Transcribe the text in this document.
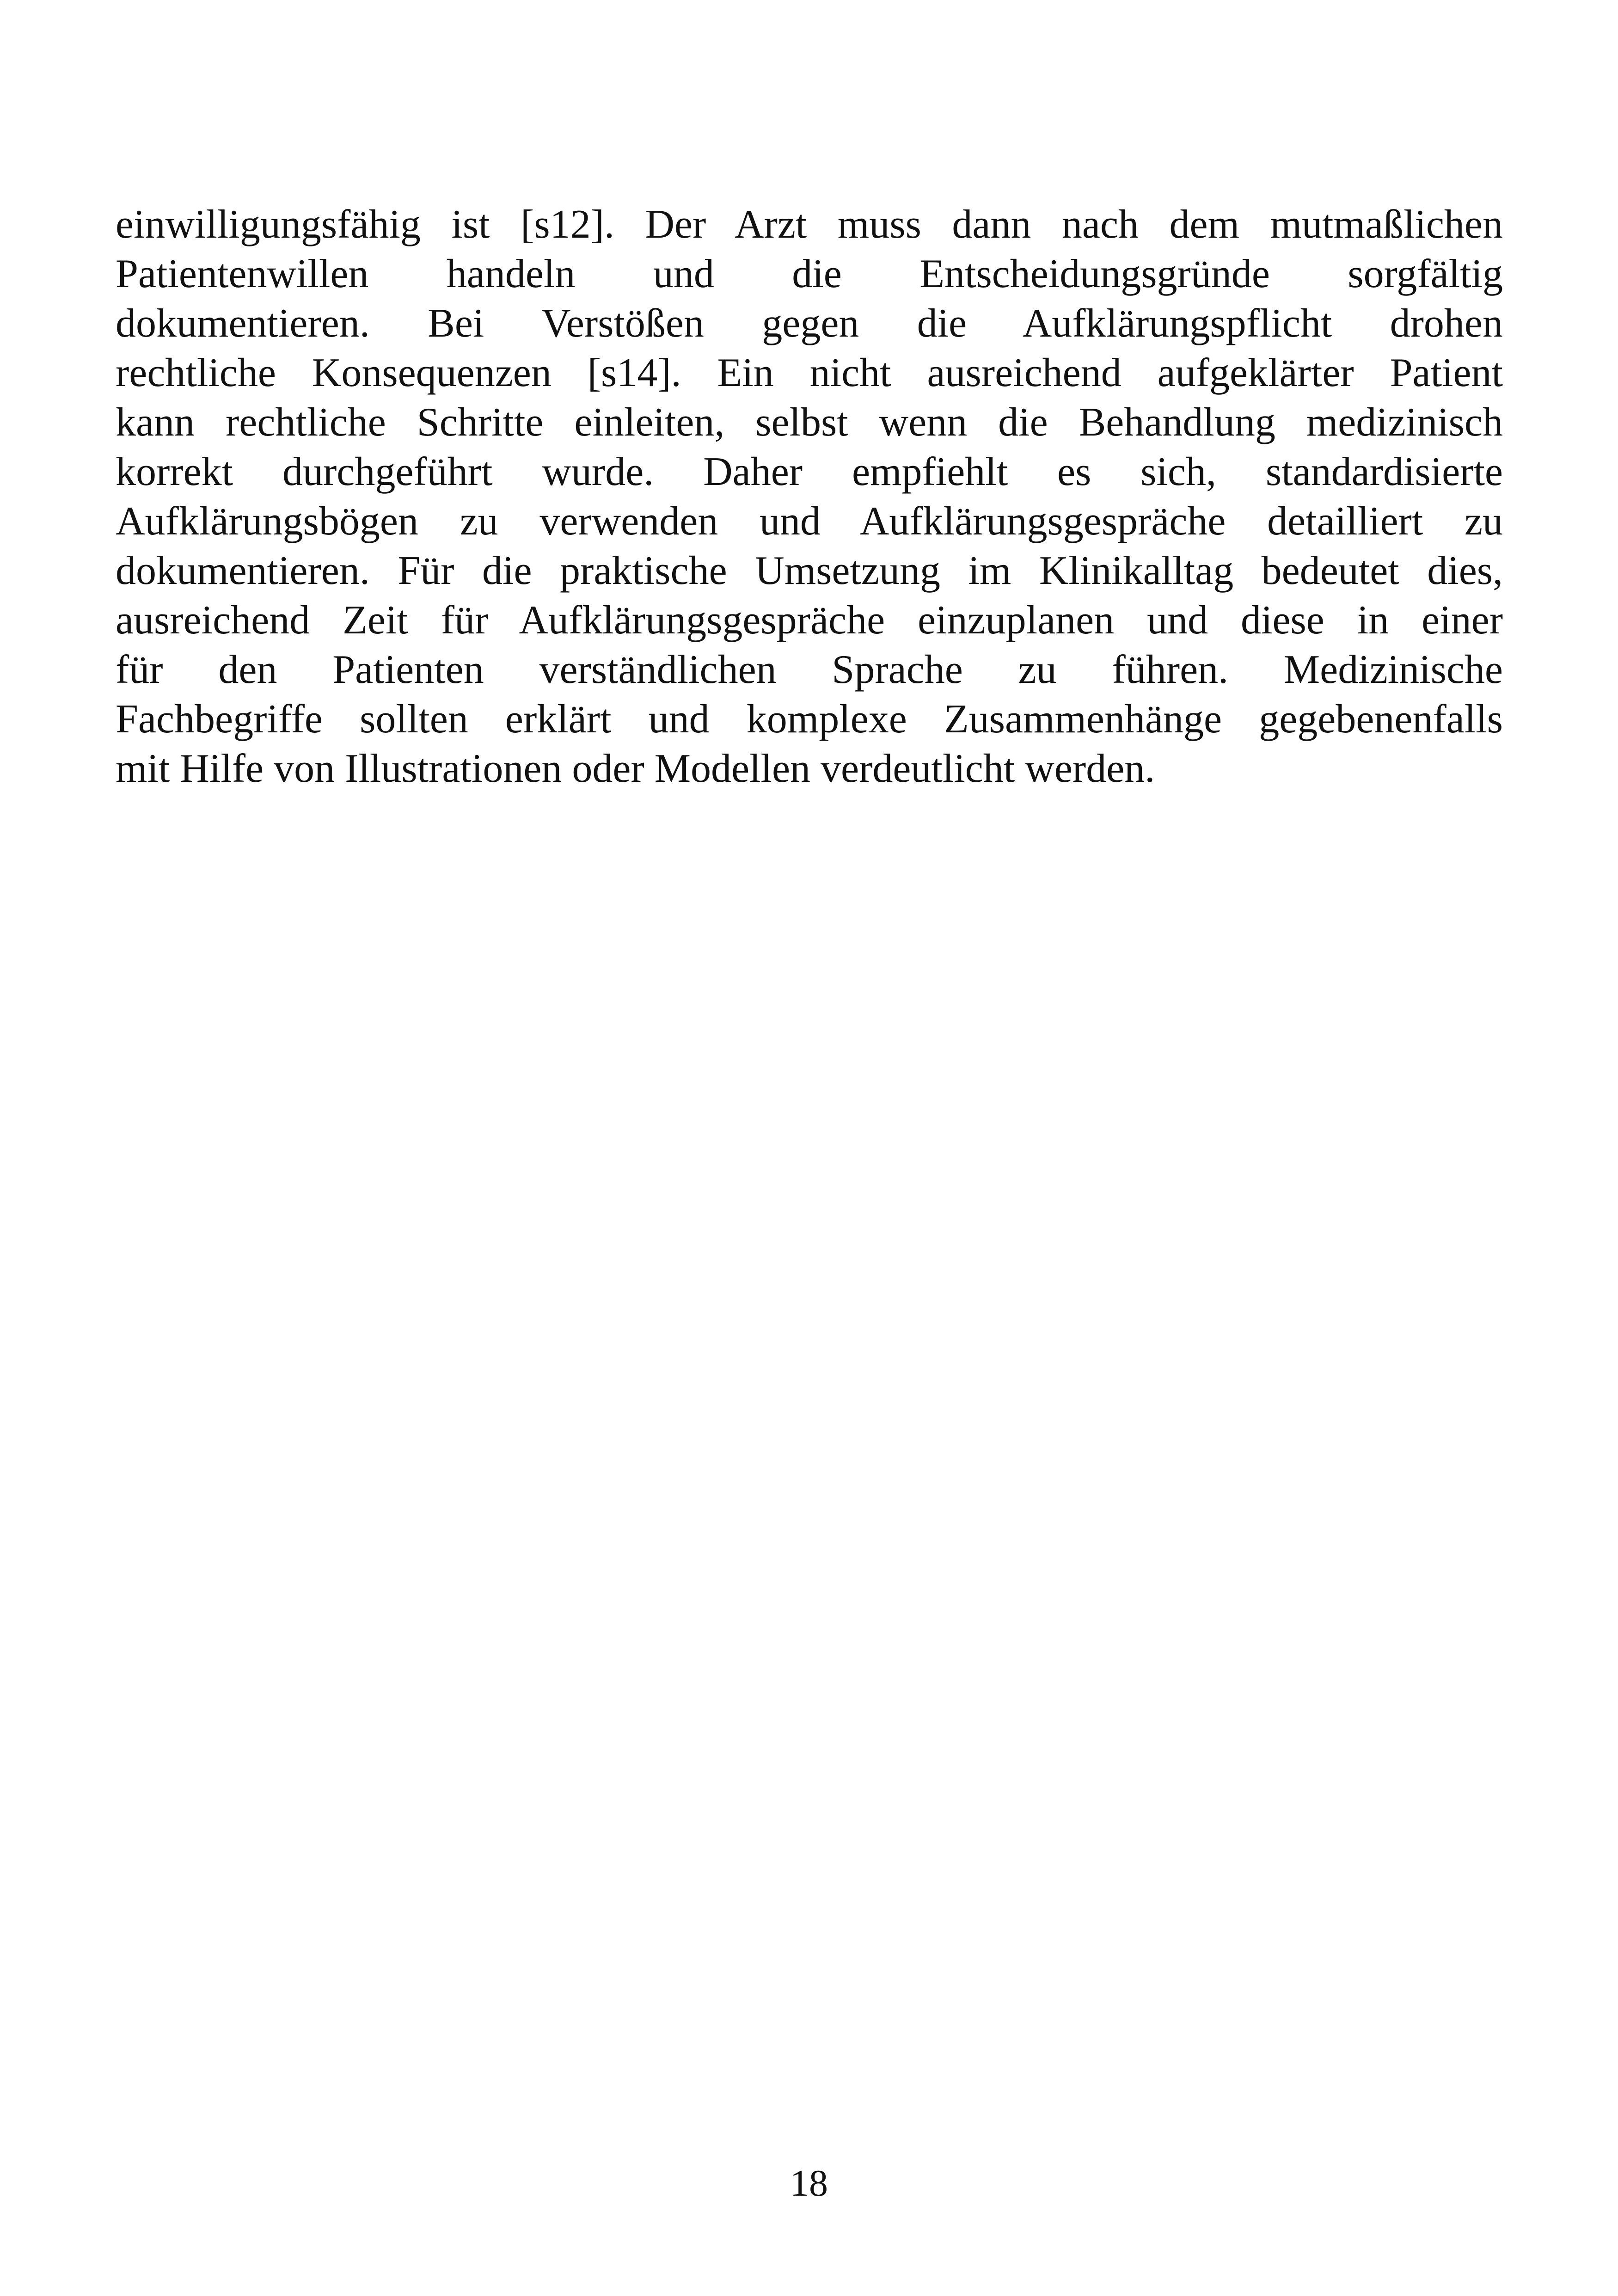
einwilligungsfähig ist [s12]. Der Arzt muss dann nach dem mutmaßlichen
Patientenwillen handeln und die Entscheidungsgründe sorgfältig
dokumentieren. Bei Verstößen gegen die Aufklärungspflicht drohen
rechtliche Konsequenzen [s14]. Ein nicht ausreichend aufgeklärter Patient
kann rechtliche Schritte einleiten, selbst wenn die Behandlung medizinisch
korrekt durchgeführt wurde. Daher empfiehlt es sich, standardisierte
Aufklärungsbögen zu verwenden und Aufklärungsgespräche detailliert zu
dokumentieren. Für die praktische Umsetzung im Klinikalltag bedeutet dies,
ausreichend Zeit für Aufklärungsgespräche einzuplanen und diese in einer
für den Patienten verständlichen Sprache zu führen. Medizinische
Fachbegriffe sollten erklärt und komplexe Zusammenhänge gegebenenfalls
mit Hilfe von Illustrationen oder Modellen verdeutlicht werden.
18
